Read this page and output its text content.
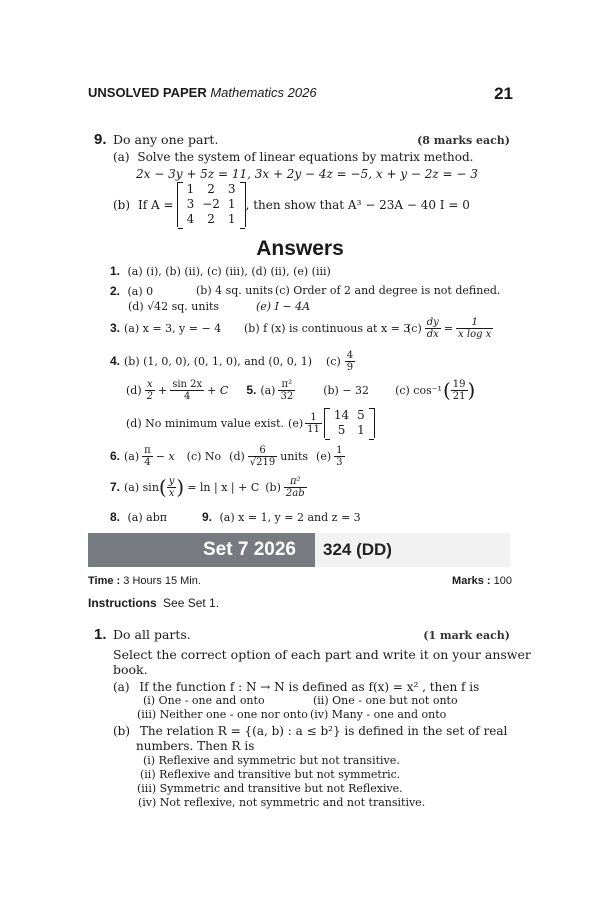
UNSOLVED PAPER Mathematics 2026	21
9. Do any one part.	(8 marks each)
(a) Solve the system of linear equations by matrix method.
2x − 3y + 5z = 11, 3x + 2y − 4z = −5, x + y − 2z = − 3
(b) If A =
1	2	3
3	−2	1
4	2	1
, then show that A³ − 23A − 40 I = 0
Answers
1. (a) (i), (b) (ii), (c) (iii), (d) (ii), (e) (iii)
2. (a) 0	(b) 4 sq. units (c) Order of 2 and degree is not defined.
(d) √42 sq. units	(e) I − 4A
3. (a) x = 3, y = − 4	(b) f (x) is continuous at x = 3
$(c) \frac{dy}{dx} = \frac{1}{\text{x log x}}$
4. (b) (1, 0, 0), (0, 1, 0), and (0, 0, 1) $(c) \frac{4}{9}$
$(d) \frac{x}{2} + \frac{\sin 2x}{4} + C$ 5. $(a) \frac{\text{π²}}{32}$	(b) − 32 (c) cos⁻¹ ( $\frac{19}{21}$ )
(d) No minimum value exist. $(e) \frac{1}{11} 14$	5
5	1
6. $(a) \frac{\pi}{4} - x$ (c) No $(d) \frac{6}{√219}$ units $(e) \frac{1}{3}$
7. (a) sin ( $\frac{y}{x}$ ) = ln | x | + C $(b) \frac{\text{π²}}{2ab}$
8. (a) abπ	9. (a) x = 1, y = 2 and z = 3
Set 7 2026	324 (DD)
Time : 3 Hours 15 Min.	Marks : 100
Instructions See Set 1.
1. Do all parts.	(1 mark each)
Select the correct option of each part and write it on your answer
book.
(a) If the function f : N → N is defined as f(x) = x² , then f is
(i) One - one and onto	(ii) One - one but not onto
(iii) Neither one - one nor onto (iv) Many - one and onto
(b) The relation R = {(a, b) : a ≤ b²} is defined in the set of real
numbers. Then R is
(i) Reflexive and symmetric but not transitive.
(ii) Reflexive and transitive but not symmetric.
(iii) Symmetric and transitive but not Reflexive.
(iv) Not reflexive, not symmetric and not transitive.
